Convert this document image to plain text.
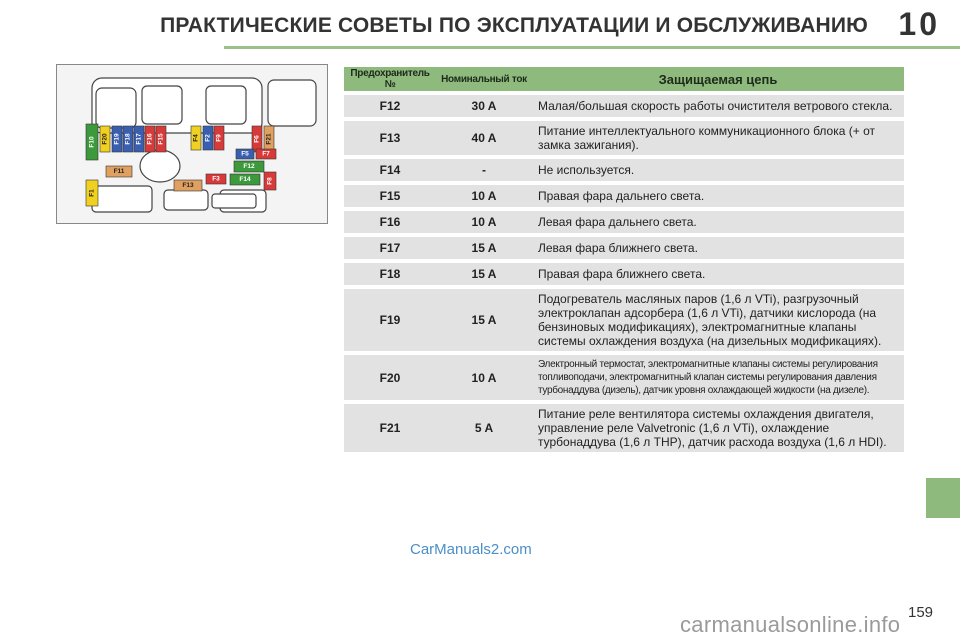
ПРАКТИЧЕСКИЕ СОВЕТЫ ПО ЭКСПЛУАТАЦИИ И ОБСЛУЖИВАНИЮ 10
F10 F20 F19 F18 F17 F16 F15	F4 F2 F9	F6 F21
F5 F7
F12
F11
F1
F13
F3	F14 F8
Предохранитель №	Номинальный ток	Защищаемая цепь
F12	30 A	Малая/большая скорость работы очистителя ветрового стекла.
F13	40 A	Питание интеллектуального коммуникационного блока (+ от замка зажигания).
F14	-	Не используется.
F15	10 A	Правая фара дальнего света.
F16	10 A	Левая фара дальнего света.
F17	15 A	Левая фара ближнего света.
F18	15 A	Правая фара ближнего света.
F19	15 A	Подогреватель масляных паров (1,6 л VTi), разгрузочный электроклапан адсорбера (1,6 л VTi), датчики кислорода (на бензиновых модификациях), электромагнитные клапаны системы охлаждения воздуха (на дизельных модификациях).
F20	10 A	Электронный термостат, электромагнитные клапаны системы регулирования топливоподачи, электромагнитный клапан системы регулирования давления турбонаддува (дизель), датчик уровня охлаждающей жидкости (на дизеле).
F21	5 A	Питание реле вентилятора системы охлаждения двигателя, управление реле Valvetronic (1,6 л VTi), охлаждение турбонаддува (1,6 л THP), датчик расхода воздуха (1,6 л HDI).
CarManuals2.com
159
carmanualsonline.info
